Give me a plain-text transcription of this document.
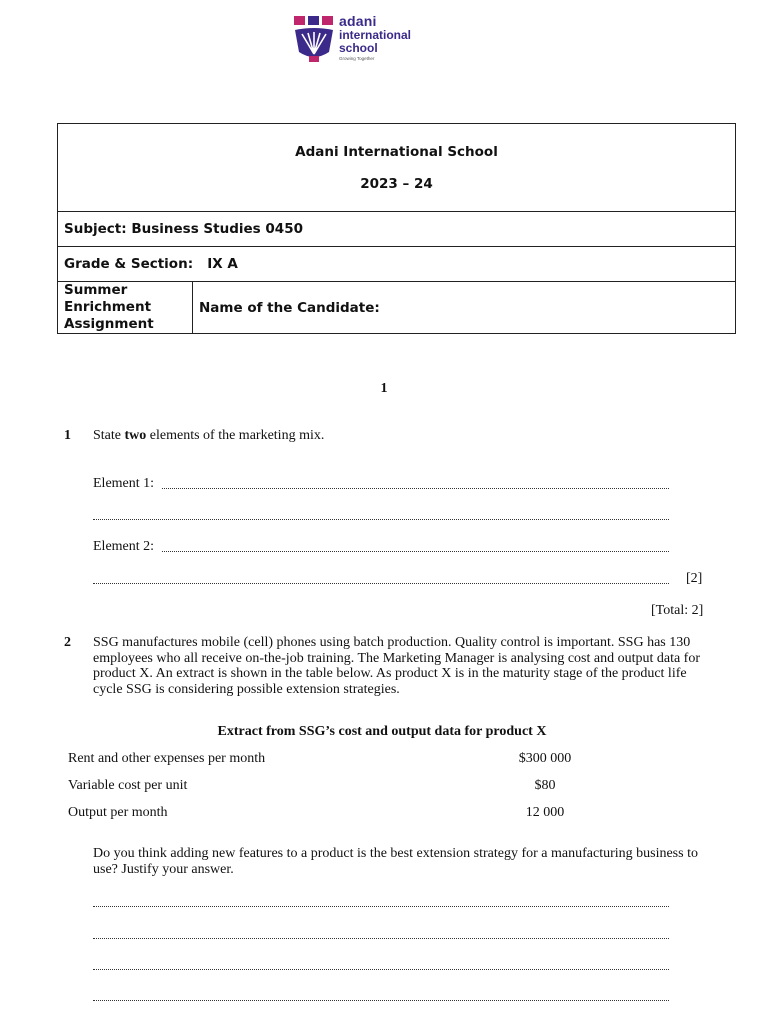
adani
international
school
Growing Together
Adani International School
2023 – 24
Subject: Business Studies 0450
Grade & Section: IX A
Summer
Enrichment
Assignment	Name of the Candidate:
1
1 State two elements of the marketing mix.
Element 1:
Element 2:
[2]
[Total: 2]
2 SSG manufactures mobile (cell) phones using batch production. Quality control is important. SSG has 130
employees who all receive on-the-job training. The Marketing Manager is analysing cost and output data for
product X. An extract is shown in the table below. As product X is in the maturity stage of the product life
cycle SSG is considering possible extension strategies.
Extract from SSG’s cost and output data for product X
Rent and other expenses per month	$300 000
Variable cost per unit	$80
Output per month	12 000
Do you think adding new features to a product is the best extension strategy for a manufacturing business to
use? Justify your answer.
